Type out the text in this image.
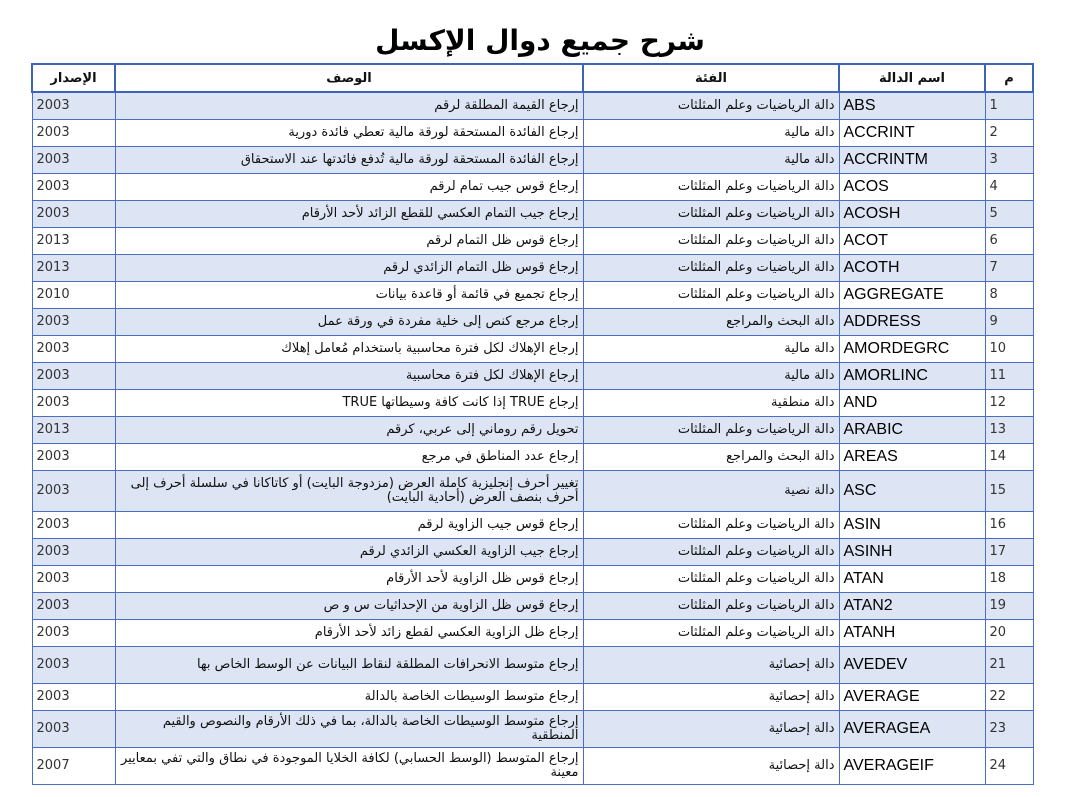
شرح جميع دوال الإكسل
م	اسم الدالة	الفئة	الوصف	الإصدار
1	ABS	دالة الرياضيات وعلم المثلثات	إرجاع القيمة المطلقة لرقم	2003
2	ACCRINT	دالة مالية	إرجاع الفائدة المستحقة لورقة مالية تعطي فائدة دورية	2003
3	ACCRINTM	دالة مالية	إرجاع الفائدة المستحقة لورقة مالية تُدفع فائدتها عند الاستحقاق	2003
4	ACOS	دالة الرياضيات وعلم المثلثات	إرجاع قوس جيب تمام لرقم	2003
5	ACOSH	دالة الرياضيات وعلم المثلثات	إرجاع جيب التمام العكسي للقطع الزائد لأحد الأرقام	2003
6	ACOT	دالة الرياضيات وعلم المثلثات	إرجاع قوس ظل التمام لرقم	2013
7	ACOTH	دالة الرياضيات وعلم المثلثات	إرجاع قوس ظل التمام الزائدي لرقم	2013
8	AGGREGATE	دالة الرياضيات وعلم المثلثات	إرجاع تجميع في قائمة أو قاعدة بيانات	2010
9	ADDRESS	دالة البحث والمراجع	إرجاع مرجع كنص إلى خلية مفردة في ورقة عمل	2003
10	AMORDEGRC	دالة مالية	إرجاع الإهلاك لكل فترة محاسبية باستخدام مُعامل إهلاك	2003
11	AMORLINC	دالة مالية	إرجاع الإهلاك لكل فترة محاسبية	2003
12	AND	دالة منطقية	إرجاع TRUE إذا كانت كافة وسيطاتها TRUE	2003
13	ARABIC	دالة الرياضيات وعلم المثلثات	تحويل رقم روماني إلى عربي، كرقم	2013
14	AREAS	دالة البحث والمراجع	إرجاع عدد المناطق في مرجع	2003
15	ASC	دالة نصية	تغيير أحرف إنجليزية كاملة العرض (مزدوجة البايت) أو كاتاكانا في سلسلة أحرف إلى أحرف بنصف العرض (أحادية البايت)	2003
16	ASIN	دالة الرياضيات وعلم المثلثات	إرجاع قوس جيب الزاوية لرقم	2003
17	ASINH	دالة الرياضيات وعلم المثلثات	إرجاع جيب الزاوية العكسي الزائدي لرقم	2003
18	ATAN	دالة الرياضيات وعلم المثلثات	إرجاع قوس ظل الزاوية لأحد الأرقام	2003
19	ATAN2	دالة الرياضيات وعلم المثلثات	إرجاع قوس ظل الزاوية من الإحداثيات س و ص	2003
20	ATANH	دالة الرياضيات وعلم المثلثات	إرجاع ظل الزاوية العكسي لقطع زائد لأحد الأرقام	2003
21	AVEDEV	دالة إحصائية	إرجاع متوسط الانحرافات المطلقة لنقاط البيانات عن الوسط الخاص بها	2003
22	AVERAGE	دالة إحصائية	إرجاع متوسط الوسيطات الخاصة بالدالة	2003
23	AVERAGEA	دالة إحصائية	إرجاع متوسط الوسيطات الخاصة بالدالة، بما في ذلك الأرقام والنصوص والقيم المنطقية	2003
24	AVERAGEIF	دالة إحصائية	إرجاع المتوسط (الوسط الحسابي) لكافة الخلايا الموجودة في نطاق والتي تفي بمعايير معينة	2007
